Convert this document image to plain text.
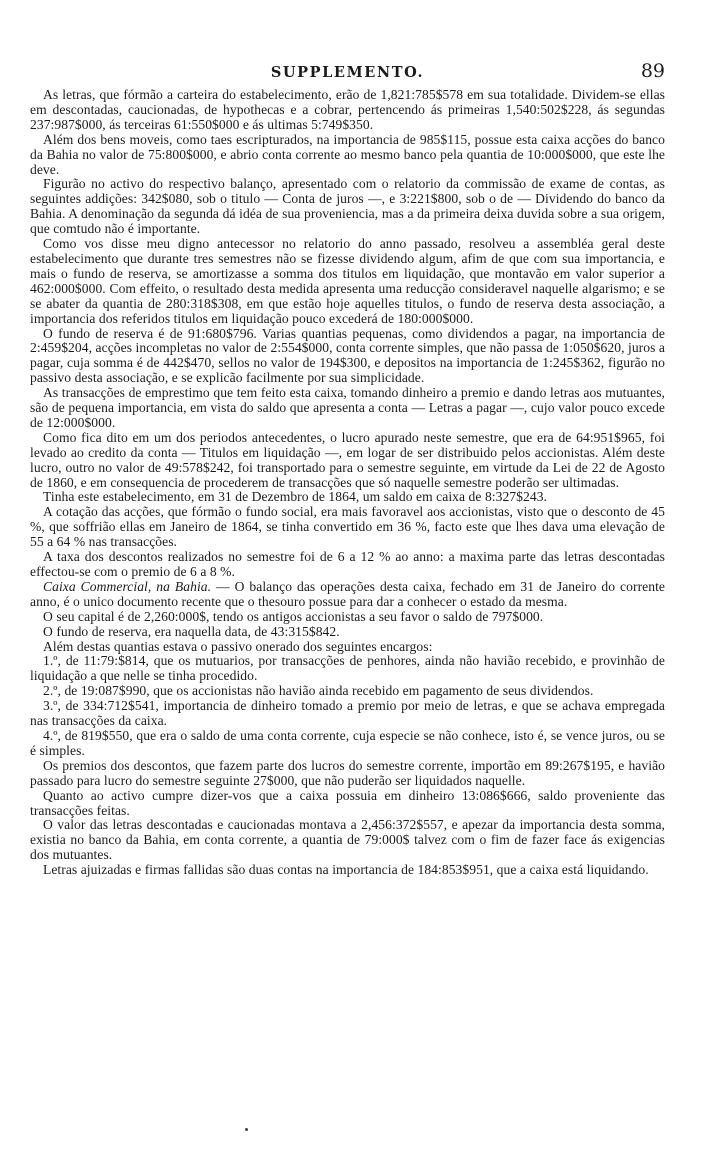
SUPPLEMENTO.	89

As letras, que fórmão a carteira do estabelecimento, erão de 1,821:785$578 em sua totalidade. Dividem-se ellas em descontadas, caucionadas, de hypothecas e a cobrar, pertencendo ás primeiras 1,540:502$228, ás segundas 237:987$000, ás terceiras 61:550$000 e ás ultimas 5:749$350.

Além dos bens moveis, como taes escripturados, na importancia de 985$115, possue esta caixa acções do banco da Bahia no valor de 75:800$000, e abrio conta corrente ao mesmo banco pela quantia de 10:000$000, que este lhe deve.

Figurão no activo do respectivo balanço, apresentado com o relatorio da commissão de exame de contas, as seguintes addições: 342$080, sob o titulo — Conta de juros —, e 3:221$800, sob o de — Dividendo do banco da Bahia. A denominação da segunda dá idéa de sua proveniencia, mas a da primeira deixa duvida sobre a sua origem, que comtudo não é importante.

Como vos disse meu digno antecessor no relatorio do anno passado, resolveu a assembléa geral deste estabelecimento que durante tres semestres não se fizesse dividendo algum, afim de que com sua importancia, e mais o fundo de reserva, se amortizasse a somma dos titulos em liquidação, que montavão em valor superior a 462:000$000. Com effeito, o resultado desta medida apresenta uma reducção consideravel naquelle algarismo; e se se abater da quantia de 280:318$308, em que estão hoje aquelles titulos, o fundo de reserva desta associação, a importancia dos referidos titulos em liquidação pouco excederá de 180:000$000.

O fundo de reserva é de 91:680$796. Varias quantias pequenas, como dividendos a pagar, na importancia de 2:459$204, acções incompletas no valor de 2:554$000, conta corrente simples, que não passa de 1:050$620, juros a pagar, cuja somma é de 442$470, sellos no valor de 194$300, e depositos na importancia de 1:245$362, figurão no passivo desta associação, e se explicão facilmente por sua simplicidade.

As transacções de emprestimo que tem feito esta caixa, tomando dinheiro a premio e dando letras aos mutuantes, são de pequena importancia, em vista do saldo que apresenta a conta — Letras a pagar —, cujo valor pouco excede de 12:000$000.

Como fica dito em um dos periodos antecedentes, o lucro apurado neste semestre, que era de 64:951$965, foi levado ao credito da conta — Titulos em liquidação —, em logar de ser distribuido pelos accionistas. Além deste lucro, outro no valor de 49:578$242, foi transportado para o semestre seguinte, em virtude da Lei de 22 de Agosto de 1860, e em consequencia de procederem de transacções que só naquelle semestre poderão ser ultimadas.

Tinha este estabelecimento, em 31 de Dezembro de 1864, um saldo em caixa de 8:327$243.

A cotação das acções, que fórmão o fundo social, era mais favoravel aos accionistas, visto que o desconto de 45 %, que soffrião ellas em Janeiro de 1864, se tinha convertido em 36 %, facto este que lhes dava uma elevação de 55 a 64 % nas transacções.

A taxa dos descontos realizados no semestre foi de 6 a 12 % ao anno: a maxima parte das letras descontadas effectou-se com o premio de 6 a 8 %.

Caixa Commercial, na Bahia. — O balanço das operações desta caixa, fechado em 31 de Janeiro do corrente anno, é o unico documento recente que o thesouro possue para dar a conhecer o estado da mesma.

O seu capital é de 2,260:000$, tendo os antigos accionistas a seu favor o saldo de 797$000.

O fundo de reserva, era naquella data, de 43:315$842.

Além destas quantias estava o passivo onerado dos seguintes encargos:

1.º, de 11:79:$814, que os mutuarios, por transacções de penhores, ainda não havião recebido, e provinhão de liquidação a que nelle se tinha procedido.

2.º, de 19:087$990, que os accionistas não havião ainda recebido em pagamento de seus dividendos.

3.º, de 334:712$541, importancia de dinheiro tomado a premio por meio de letras, e que se achava empregada nas transacções da caixa.

4.º, de 819$550, que era o saldo de uma conta corrente, cuja especie se não conhece, isto é, se vence juros, ou se é simples.

Os premios dos descontos, que fazem parte dos lucros do semestre corrente, importão em 89:267$195, e havião passado para lucro do semestre seguinte 27$000, que não puderão ser liquidados naquelle.

Quanto ao activo cumpre dizer-vos que a caixa possuia em dinheiro 13:086$666, saldo proveniente das transacções feitas.

O valor das letras descontadas e caucionadas montava a 2,456:372$557, e apezar da importancia desta somma, existia no banco da Bahia, em conta corrente, a quantia de 79:000$ talvez com o fim de fazer face ás exigencias dos mutuantes.

Letras ajuizadas e firmas fallidas são duas contas na importancia de 184:853$951, que a caixa está liquidando.
